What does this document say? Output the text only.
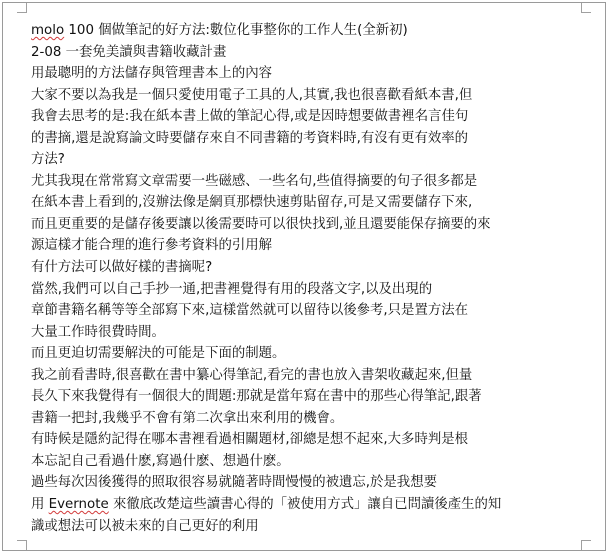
molo 100 個做筆記的好方法:數位化事整你的工作人生(全新初)
2-08 一套免美讀與書籍收藏計畫
用最聰明的方法儲存與管理書本上的內容
大家不要以為我是一個只愛使用電子工具的人,其實,我也很喜歡看紙本書,但
我會去思考的是:我在紙本書上做的筆記心得,或是因時想要做書裡名言佳句
的書摘,還是說寫論文時要儲存來自不同書籍的考資料時,有沒有更有效率的
方法?
尤其我現在常常寫文章需要一些磁感、一些名句,些值得摘要的句子很多都是
在紙本書上看到的,沒辦法像是網頁那標快速剪貼留存,可是又需要儲存下來,
而且更重要的是儲存後要讓以後需要時可以很快找到,並且還要能保存摘要的來
源這樣才能合理的進行參考資料的引用解
有什方法可以做好樣的書摘呢?
當然,我們可以自己手抄一通,把書裡覺得有用的段落文字,以及出現的
章節書籍名稱等等全部寫下來,這樣當然就可以留待以後參考,只是置方法在
大量工作時很費時間。
而且更迫切需要解決的可能是下面的制題。
我之前看書時,很喜歡在書中纂心得筆記,看完的書也放入書架收藏起來,但量
長久下來我覺得有一個很大的間題:那就是當年寫在書中的那些心得筆記,跟著
書籍一把封,我幾乎不會有第二次拿出來利用的機會。
有時候是隱約記得在哪本書裡看過相關題材,卻總是想不起來,大多時判是根
本忘記自己看過什麽,寫過什麽、想過什麽。
過些每次因後獲得的照取很容易就隨著時間慢慢的被遺忘,於是我想要
用 Evernote 來徹底改楚這些讀書心得的「被使用方式」讓自已問讀後產生的知
識或想法可以被未來的自己更好的利用
